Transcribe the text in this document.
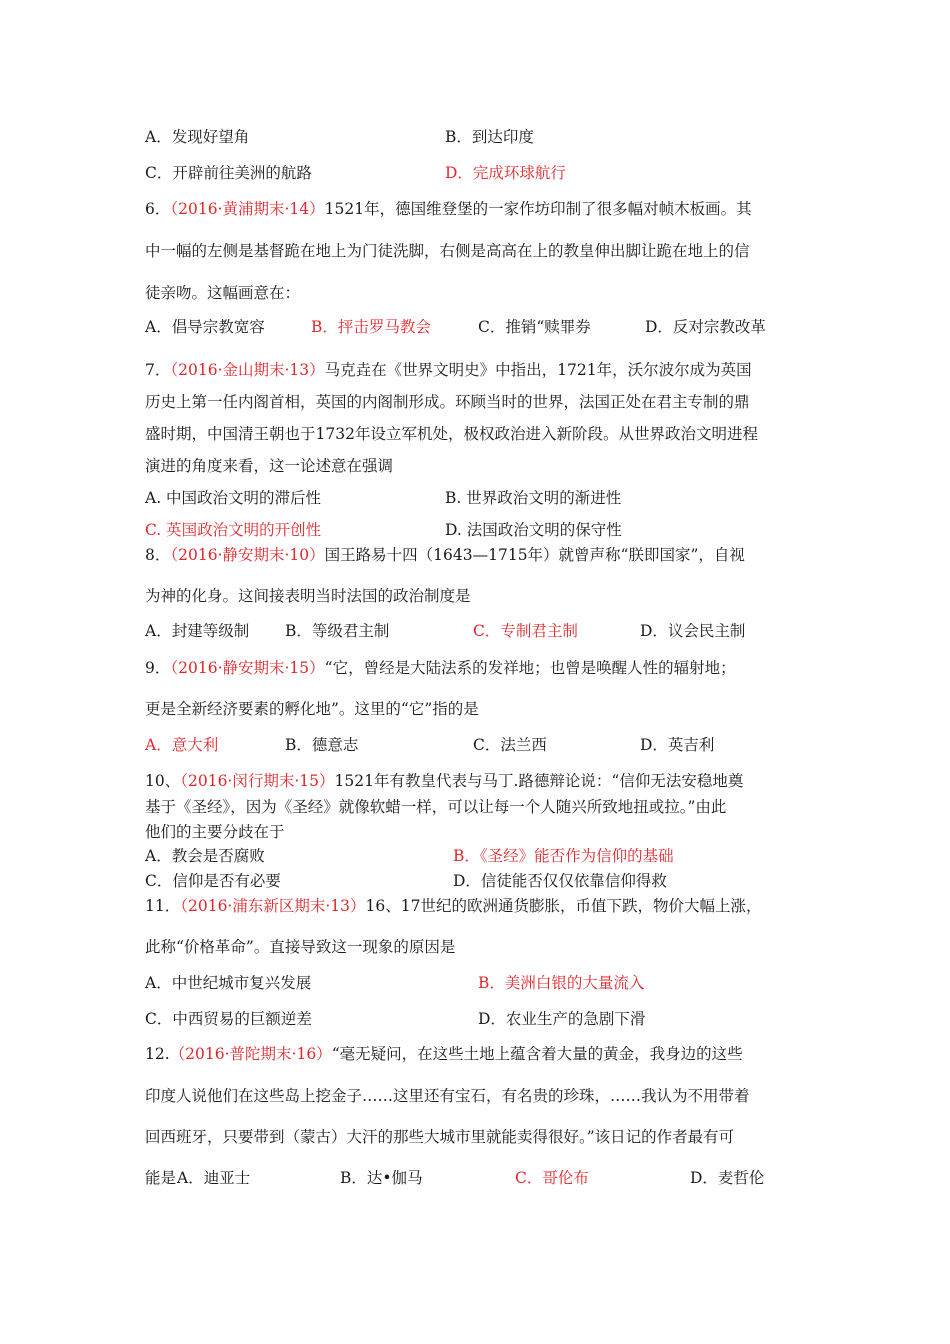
A．发现好望角	B．到达印度
C．开辟前往美洲的航路	D．完成环球航行
6．（2016·黄浦期末·14）1521年，德国维登堡的一家作坊印制了很多幅对帧木板画。其
中一幅的左侧是基督跪在地上为门徒洗脚，右侧是高高在上的教皇伸出脚让跪在地上的信
徒亲吻。这幅画意在：
A．倡导宗教宽容	B．抨击罗马教会	C．推销“赎罪券	D．反对宗教改革
7．（2016·金山期末·13）马克垚在《世界文明史》中指出，1721年，沃尔波尔成为英国
历史上第一任内阁首相，英国的内阁制形成。环顾当时的世界，法国正处在君主专制的鼎
盛时期，中国清王朝也于1732年设立军机处，极权政治进入新阶段。从世界政治文明进程
演进的角度来看，这一论述意在强调
A. 中国政治文明的滞后性	B. 世界政治文明的渐进性
C. 英国政治文明的开创性	D. 法国政治文明的保守性
8．（2016·静安期末·10）国王路易十四（1643—1715年）就曾声称“朕即国家”，自视
为神的化身。这间接表明当时法国的政治制度是
A．封建等级制 B．等级君主制	C．专制君主制	D．议会民主制
9．（2016·静安期末·15）“它，曾经是大陆法系的发祥地；也曾是唤醒人性的辐射地；
更是全新经济要素的孵化地”。这里的“它”指的是
A．意大利	B．德意志	C．法兰西	D．英吉利
10、（2016·闵行期末·15）1521年有教皇代表与马丁.路德辩论说：“信仰无法安稳地奠
基于《圣经》，因为《圣经》就像软蜡一样，可以让每一个人随兴所致地扭或拉。”由此
他们的主要分歧在于
A．教会是否腐败	B．《圣经》能否作为信仰的基础
C．信仰是否有必要	D．信徒能否仅仅依靠信仰得救
11．（2016·浦东新区期末·13）16、17世纪的欧洲通货膨胀，币值下跌，物价大幅上涨，
此称“价格革命”。直接导致这一现象的原因是
A．中世纪城市复兴发展	B．美洲白银的大量流入
C．中西贸易的巨额逆差	D．农业生产的急剧下滑
12.（2016·普陀期末·16）“毫无疑问，在这些土地上蕴含着大量的黄金，我身边的这些
印度人说他们在这些岛上挖金子……这里还有宝石，有名贵的珍珠，……我认为不用带着
回西班牙，只要带到（蒙古）大汗的那些大城市里就能卖得很好。”该日记的作者最有可
能是 A．迪亚士	B．达•伽马	C．哥伦布	D．麦哲伦
